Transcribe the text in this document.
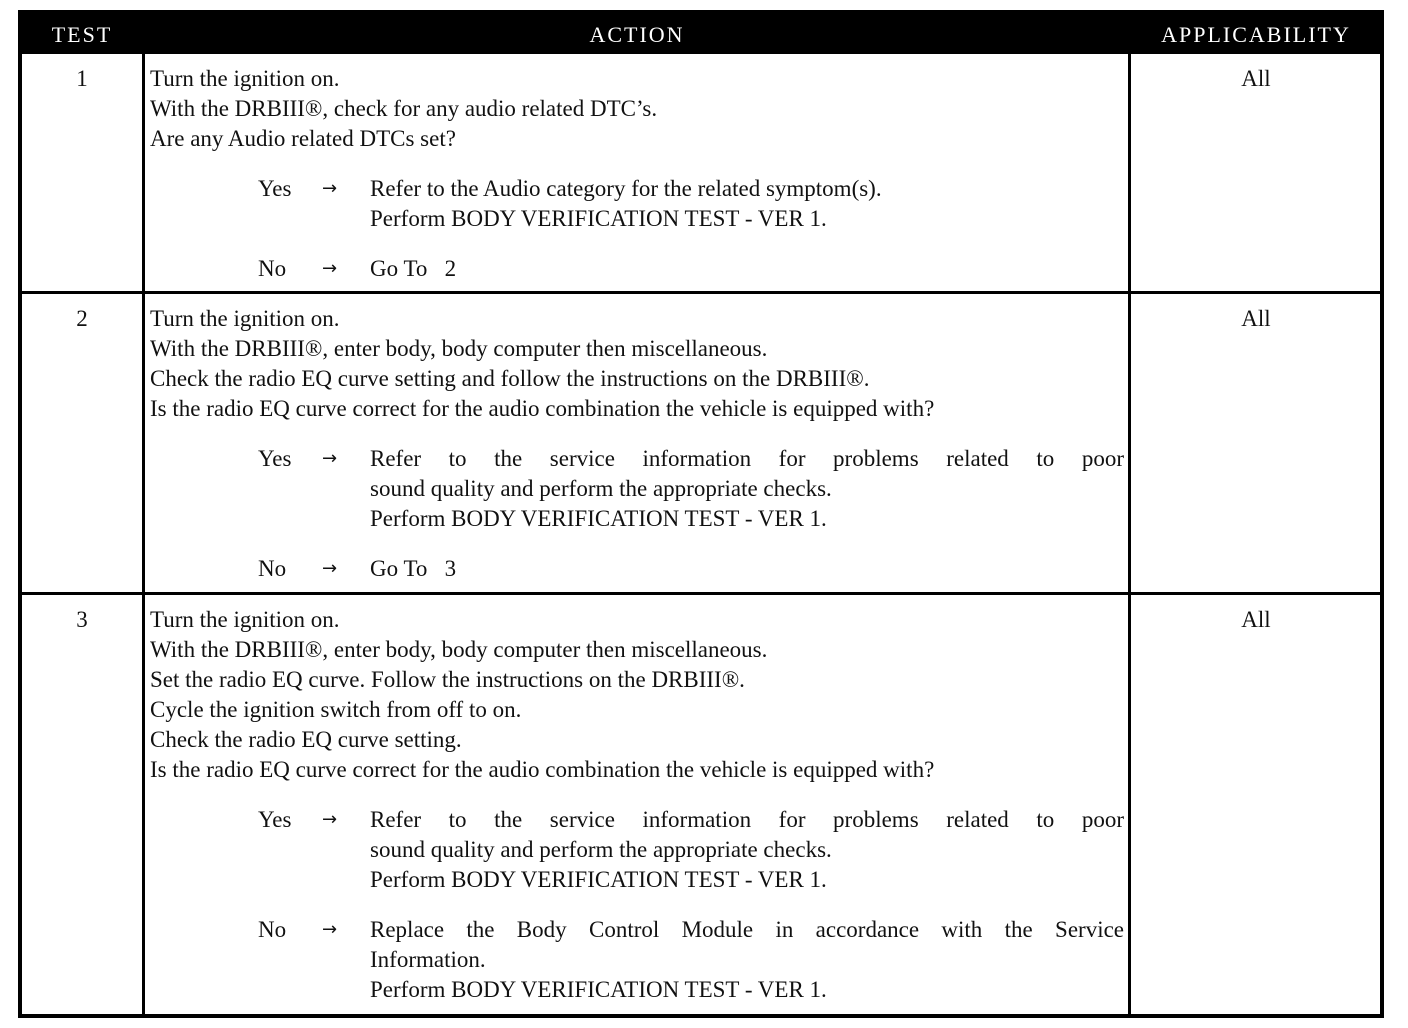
TEST	ACTION	APPLICABILITY
1	Turn the ignition on.
With the DRBIII®, check for any audio related DTC’s.
Are any Audio related DTCs set?
Yes	→	Refer to the Audio category for the related symptom(s).
Perform BODY VERIFICATION TEST - VER 1.
No	→	Go To   2
All
2	Turn the ignition on.
With the DRBIII®, enter body, body computer then miscellaneous.
Check the radio EQ curve setting and follow the instructions on the DRBIII®.
Is the radio EQ curve correct for the audio combination the vehicle is equipped with?
Yes	→	Refer to the service information for problems related to poor
sound quality and perform the appropriate checks.
Perform BODY VERIFICATION TEST - VER 1.
No	→	Go To   3
All
3	Turn the ignition on.
With the DRBIII®, enter body, body computer then miscellaneous.
Set the radio EQ curve. Follow the instructions on the DRBIII®.
Cycle the ignition switch from off to on.
Check the radio EQ curve setting.
Is the radio EQ curve correct for the audio combination the vehicle is equipped with?
Yes	→	Refer to the service information for problems related to poor
sound quality and perform the appropriate checks.
Perform BODY VERIFICATION TEST - VER 1.
No	→	Replace the Body Control Module in accordance with the Service
Information.
Perform BODY VERIFICATION TEST - VER 1.
All
